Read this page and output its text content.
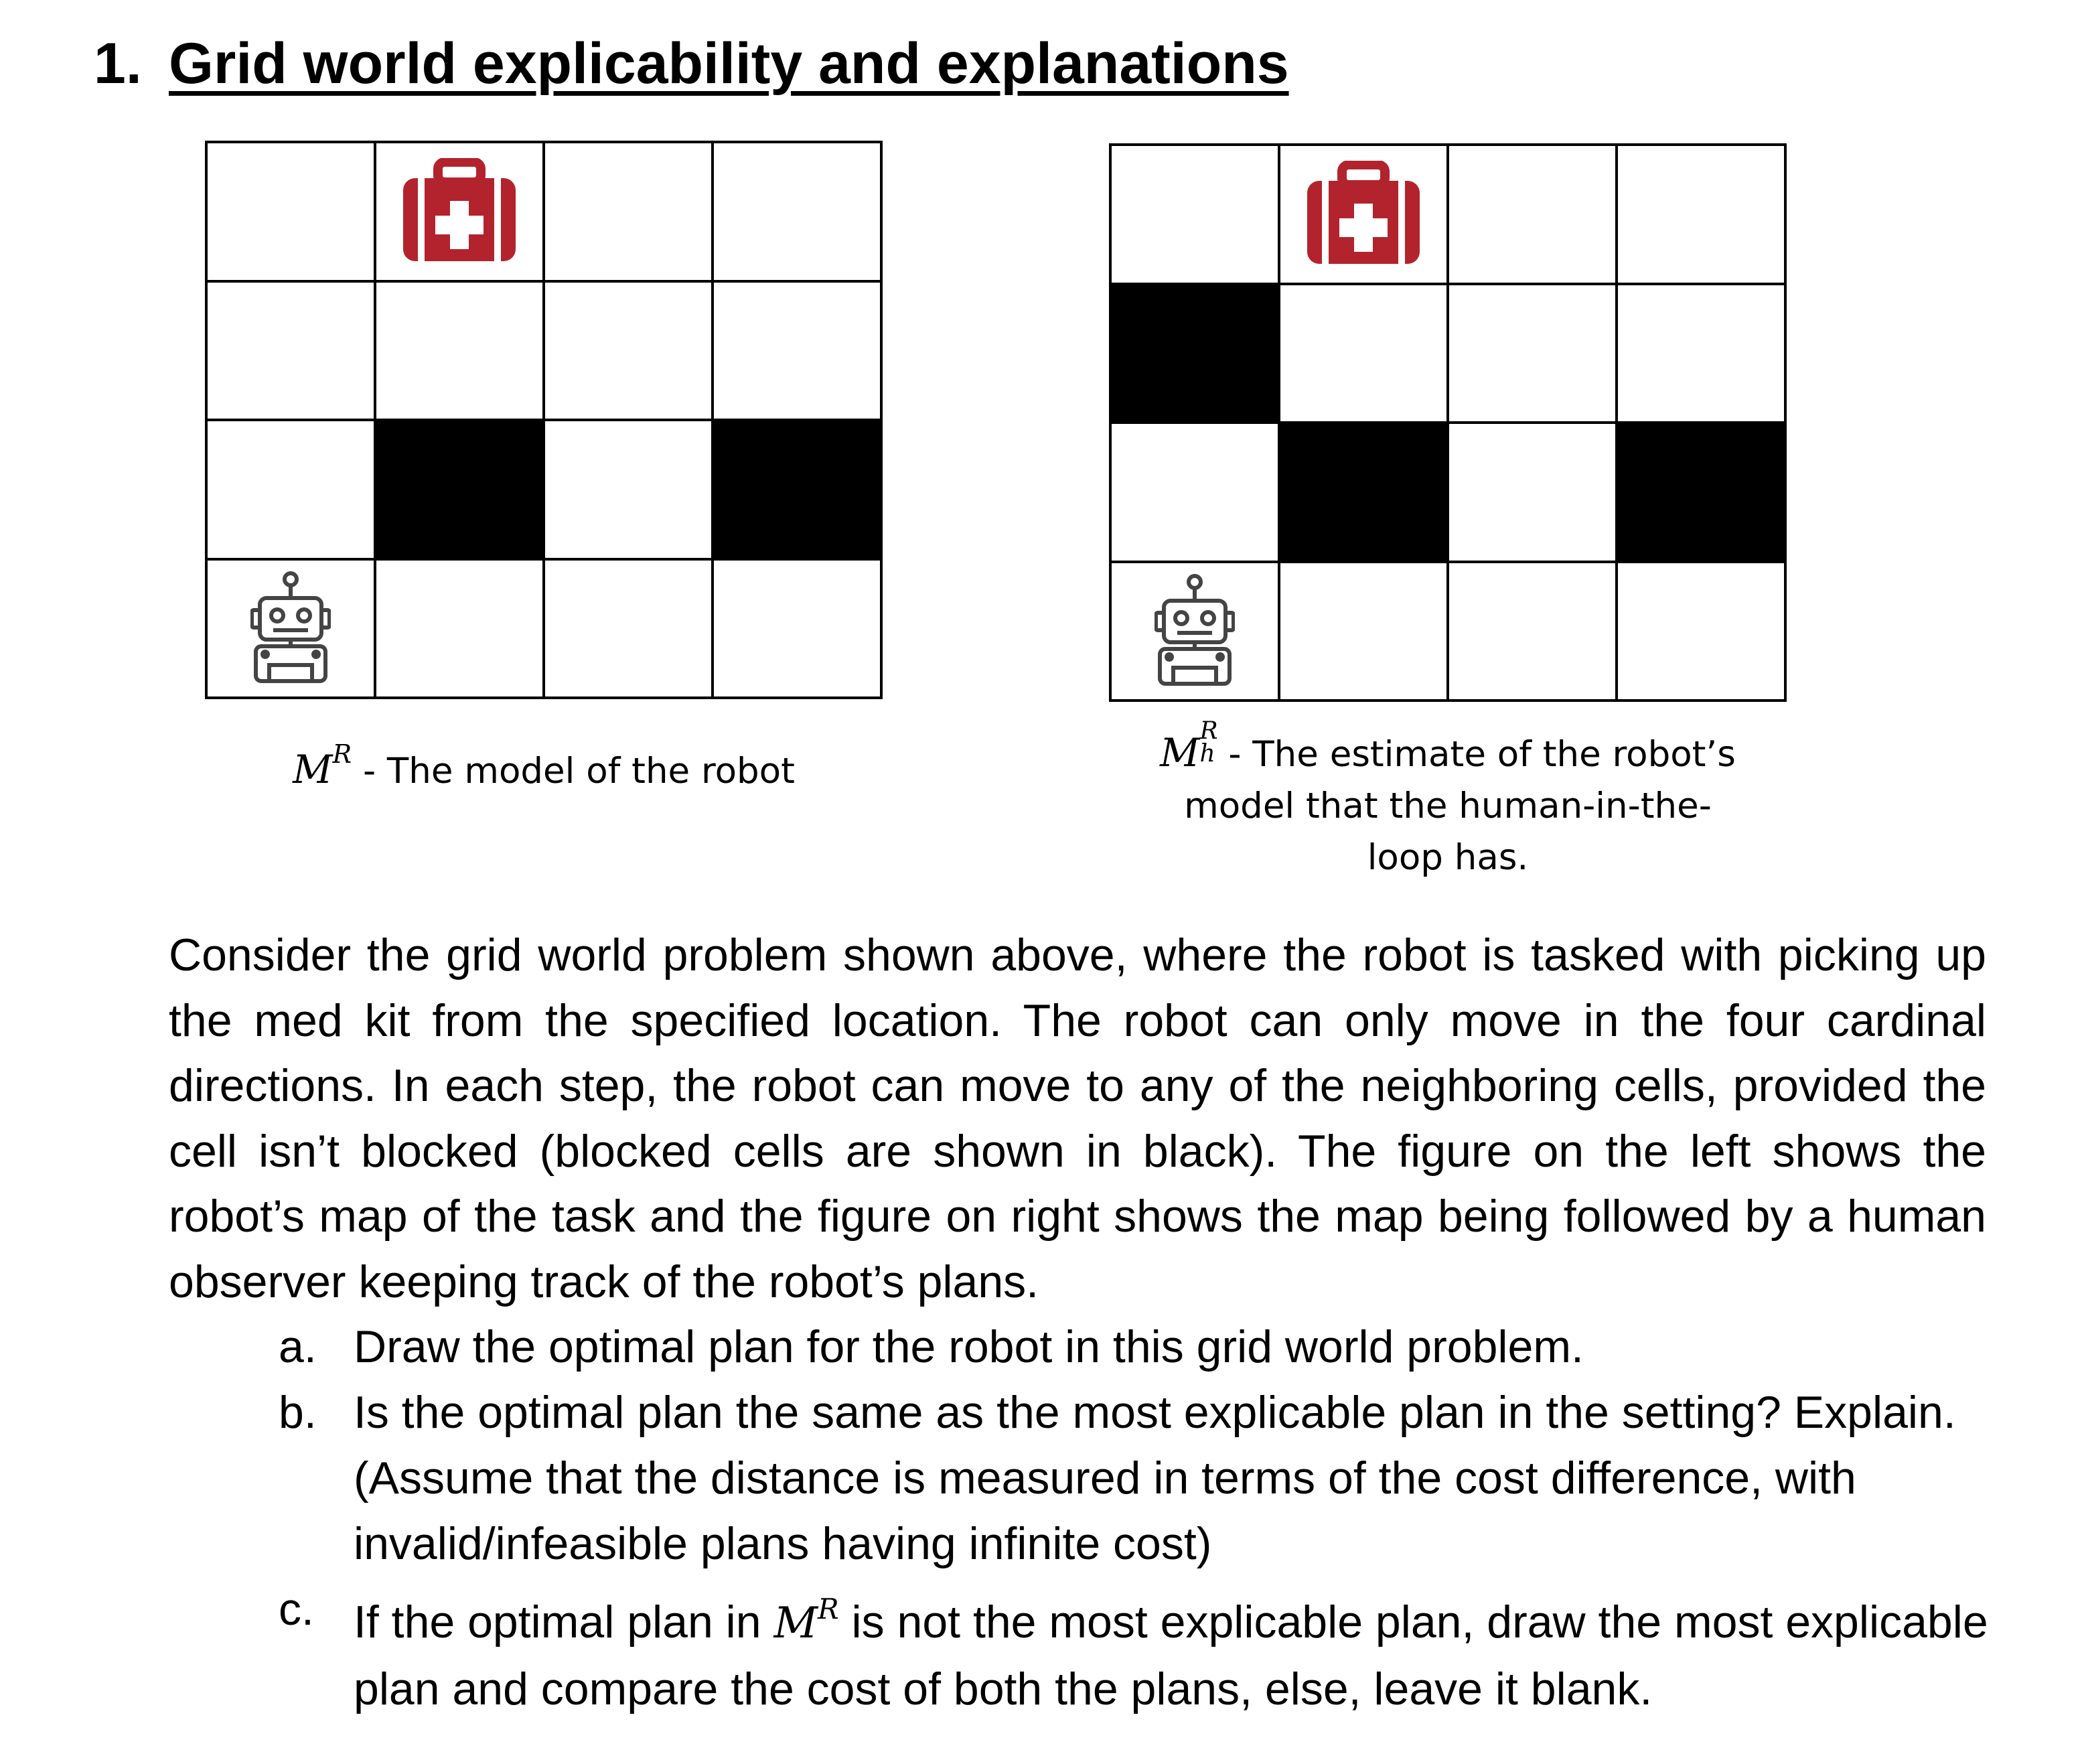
1. Grid world explicability and explanations
$M^R$ - The model of the robot	M R
h - The estimate of the robot’s
model that the human-in-the-
loop has.
Consider the grid world problem shown above, where the robot is tasked with picking up the med kit from the specified location. The robot can only move in the four cardinal directions. In each step, the robot can move to any of the neighboring cells, provided the cell isn’t blocked (blocked cells are shown in black). The figure on the left shows the robot’s map of the task and the figure on right shows the map being followed by a human observer keeping track of the robot’s plans.
a. Draw the optimal plan for the robot in this grid world problem.
b. Is the optimal plan the same as the most explicable plan in the setting? Explain. (Assume that the distance is measured in terms of the cost difference, with invalid/infeasible plans having infinite cost)
c. If the optimal plan in $M^R$ is not the most explicable plan, draw the most explicable plan and compare the cost of both the plans, else, leave it blank.
